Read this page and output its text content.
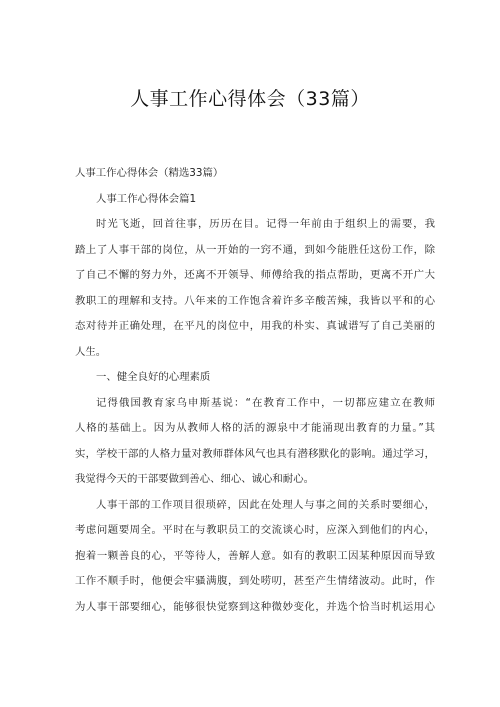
人事工作心得体会（33篇）
人事工作心得体会（精选33篇）
人事工作心得体会篇1
时光飞逝，回首往事，历历在目。记得一年前由于组织上的需要，我
踏上了人事干部的岗位，从一开始的一窍不通，到如今能胜任这份工作，除
了自己不懈的努力外，还离不开领导、师傅给我的指点帮助，更离不开广大
教职工的理解和支持。八年来的工作饱含着许多辛酸苦辣，我皆以平和的心
态对待并正确处理，在平凡的岗位中，用我的朴实、真诚谱写了自己美丽的
人生。
一、健全良好的心理素质
记得俄国教育家乌申斯基说：“在教育工作中，一切都应建立在教师
人格的基础上。因为从教师人格的活的源泉中才能涌现出教育的力量。”其
实，学校干部的人格力量对教师群体风气也具有潜移默化的影响。通过学习，
我觉得今天的干部要做到善心、细心、诚心和耐心。
人事干部的工作项目很琐碎，因此在处理人与事之间的关系时要细心，
考虑问题要周全。平时在与教职员工的交流谈心时，应深入到他们的内心，
抱着一颗善良的心，平等待人，善解人意。如有的教职工因某种原因而导致
工作不顺手时，他便会牢骚满腹，到处唠叨，甚至产生情绪波动。此时，作
为人事干部要细心，能够很快觉察到这种微妙变化，并选个恰当时机运用心
